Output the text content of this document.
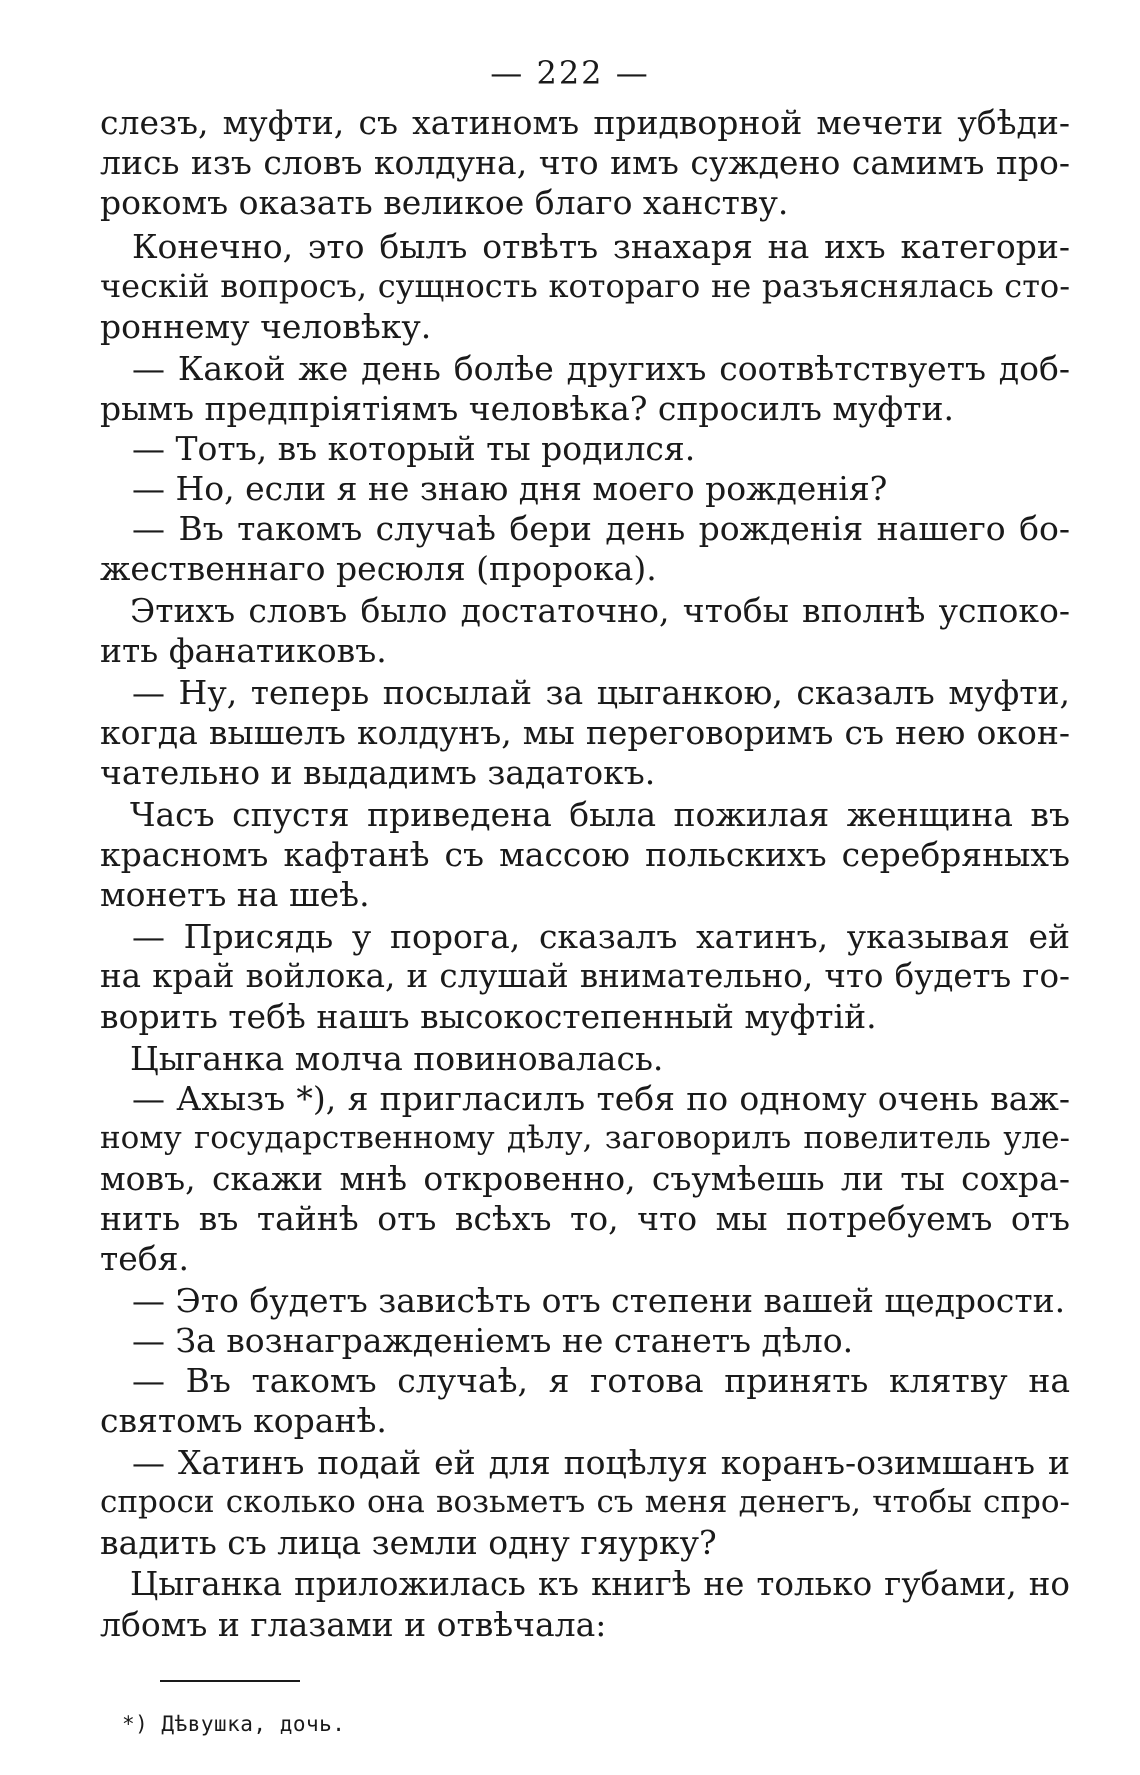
— 222 —
слезъ, муфти, съ хатиномъ придворной мечети убѣди-
лись изъ словъ колдуна, что имъ суждено самимъ про-
рокомъ оказать великое благо ханству.
Конечно, это былъ отвѣтъ знахаря на ихъ категори-
ческій вопросъ, сущность котораго не разъяснялась сто-
роннему человѣку.
— Какой же день болѣе другихъ соотвѣтствуетъ доб-
рымъ предпріятіямъ человѣка? спросилъ муфти.
— Тотъ, въ который ты родился.
— Но, если я не знаю дня моего рожденія?
— Въ такомъ случаѣ бери день рожденія нашего бо-
жественнаго ресюля (пророка).
Этихъ словъ было достаточно, чтобы вполнѣ успоко-
ить фанатиковъ.
— Ну, теперь посылай за цыганкою, сказалъ муфти,
когда вышелъ колдунъ, мы переговоримъ съ нею окон-
чательно и выдадимъ задатокъ.
Часъ спустя приведена была пожилая женщина въ
красномъ кафтанѣ съ массою польскихъ серебряныхъ
монетъ на шеѣ.
— Присядь у порога, сказалъ хатинъ, указывая ей
на край войлока, и слушай внимательно, что будетъ го-
ворить тебѣ нашъ высокостепенный муфтій.
Цыганка молча повиновалась.
— Ахызъ *), я пригласилъ тебя по одному очень важ-
ному государственному дѣлу, заговорилъ повелитель уле-
мовъ, скажи мнѣ откровенно, съумѣешь ли ты сохра-
нить въ тайнѣ отъ всѣхъ то, что мы потребуемъ отъ
тебя.
— Это будетъ зависѣть отъ степени вашей щедрости.
— За вознагражденіемъ не станетъ дѣло.
— Въ такомъ случаѣ, я готова принять клятву на
святомъ коранѣ.
— Хатинъ подай ей для поцѣлуя коранъ-озимшанъ и
спроси сколько она возьметъ съ меня денегъ, чтобы спро-
вадить съ лица земли одну гяурку?
Цыганка приложилась къ книгѣ не только губами, но
лбомъ и глазами и отвѣчала:
*) Дѣвушка, дочь.
